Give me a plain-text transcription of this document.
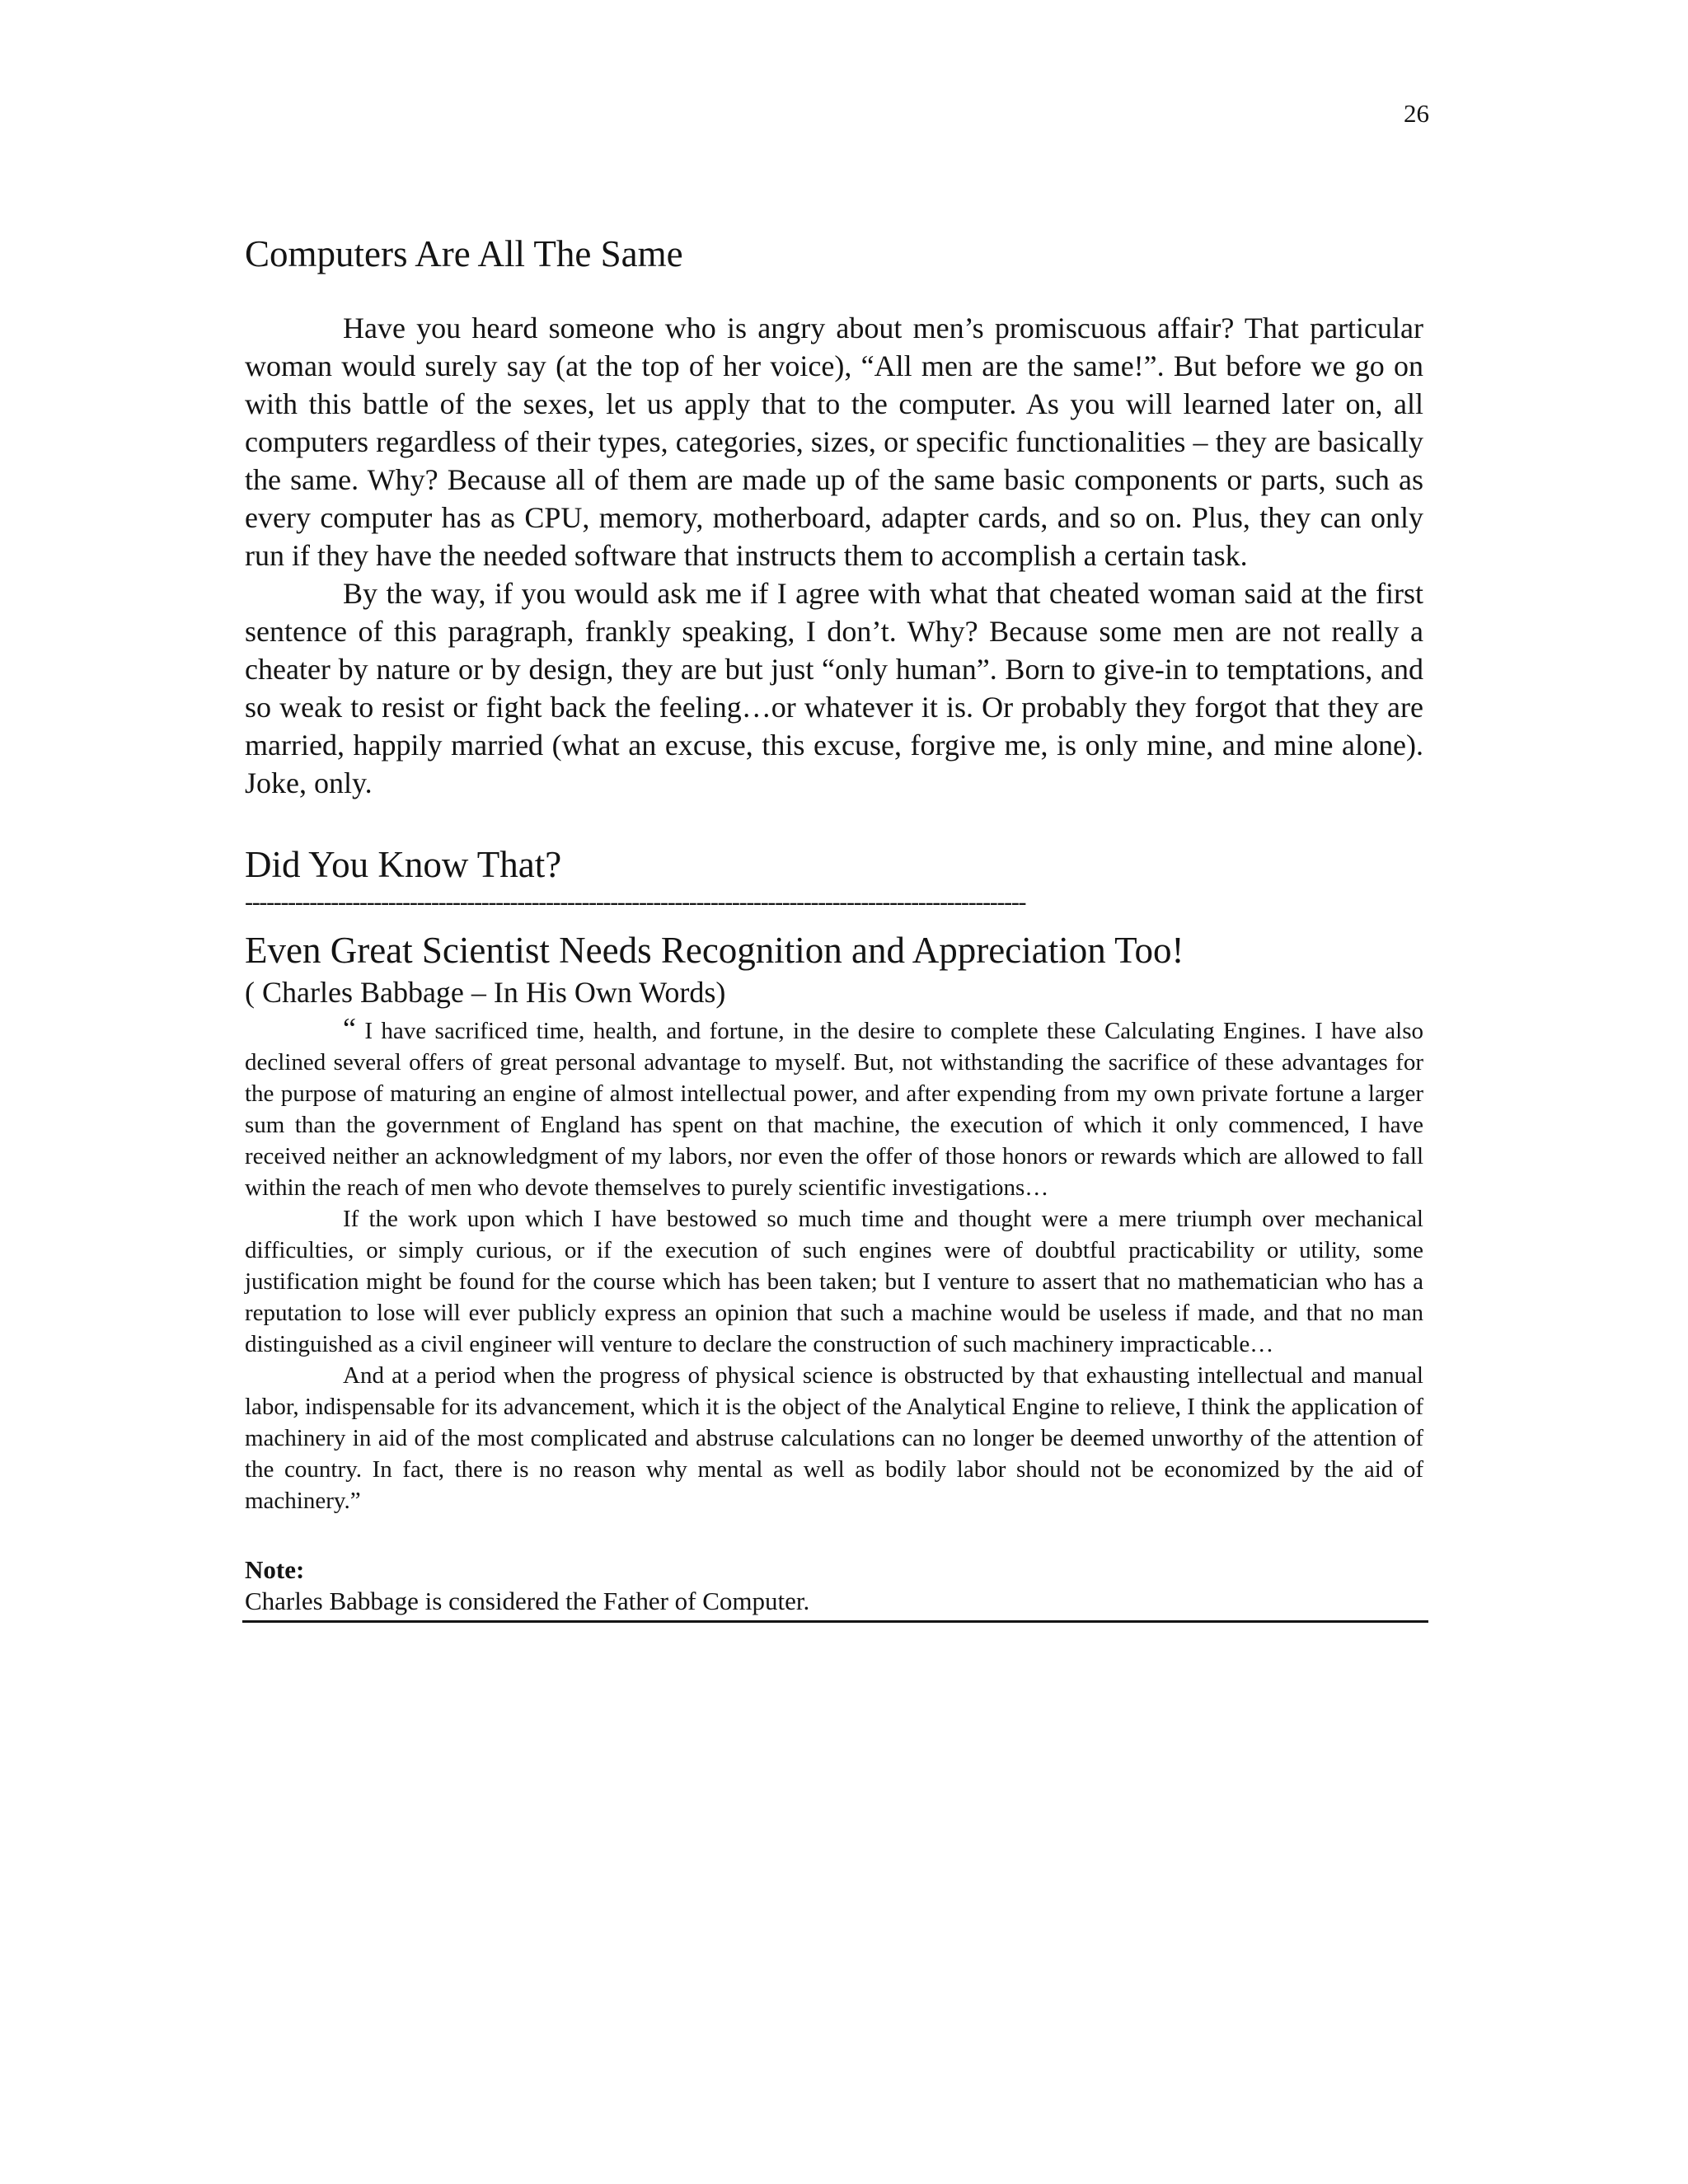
26
Computers Are All The Same

Have you heard someone who is angry about men’s promiscuous affair? That particular woman would surely say (at the top of her voice), “All men are the same!”. But before we go on with this battle of the sexes, let us apply that to the computer. As you will learned later on, all computers regardless of their types, categories, sizes, or specific functionalities – they are basically the same. Why? Because all of them are made up of the same basic components or parts, such as every computer has as CPU, memory, motherboard, adapter cards, and so on. Plus, they can only run if they have the needed software that instructs them to accomplish a certain task.

By the way, if you would ask me if I agree with what that cheated woman said at the first sentence of this paragraph, frankly speaking, I don’t. Why? Because some men are not really a cheater by nature or by design, they are but just “only human”. Born to give-in to temptations, and so weak to resist or fight back the feeling…or whatever it is. Or probably they forgot that they are married, happily married (what an excuse, this excuse, forgive me, is only mine, and mine alone). Joke, only.

Did You Know That?
-------------------------------------------------------------------------------------------------------------
Even Great Scientist Needs Recognition and Appreciation Too!
( Charles Babbage – In His Own Words)

“ I have sacrificed time, health, and fortune, in the desire to complete these Calculating Engines. I have also declined several offers of great personal advantage to myself. But, not withstanding the sacrifice of these advantages for the purpose of maturing an engine of almost intellectual power, and after expending from my own private fortune a larger sum than the government of England has spent on that machine, the execution of which it only commenced, I have received neither an acknowledgment of my labors, nor even the offer of those honors or rewards which are allowed to fall within the reach of men who devote themselves to purely scientific investigations…

If the work upon which I have bestowed so much time and thought were a mere triumph over mechanical difficulties, or simply curious, or if the execution of such engines were of doubtful practicability or utility, some justification might be found for the course which has been taken; but I venture to assert that no mathematician who has a reputation to lose will ever publicly express an opinion that such a machine would be useless if made, and that no man distinguished as a civil engineer will venture to declare the construction of such machinery impracticable…

And at a period when the progress of physical science is obstructed by that exhausting intellectual and manual labor, indispensable for its advancement, which it is the object of the Analytical Engine to relieve, I think the application of machinery in aid of the most complicated and abstruse calculations can no longer be deemed unworthy of the attention of the country. In fact, there is no reason why mental as well as bodily labor should not be economized by the aid of machinery.”

Note:
Charles Babbage is considered the Father of Computer.
